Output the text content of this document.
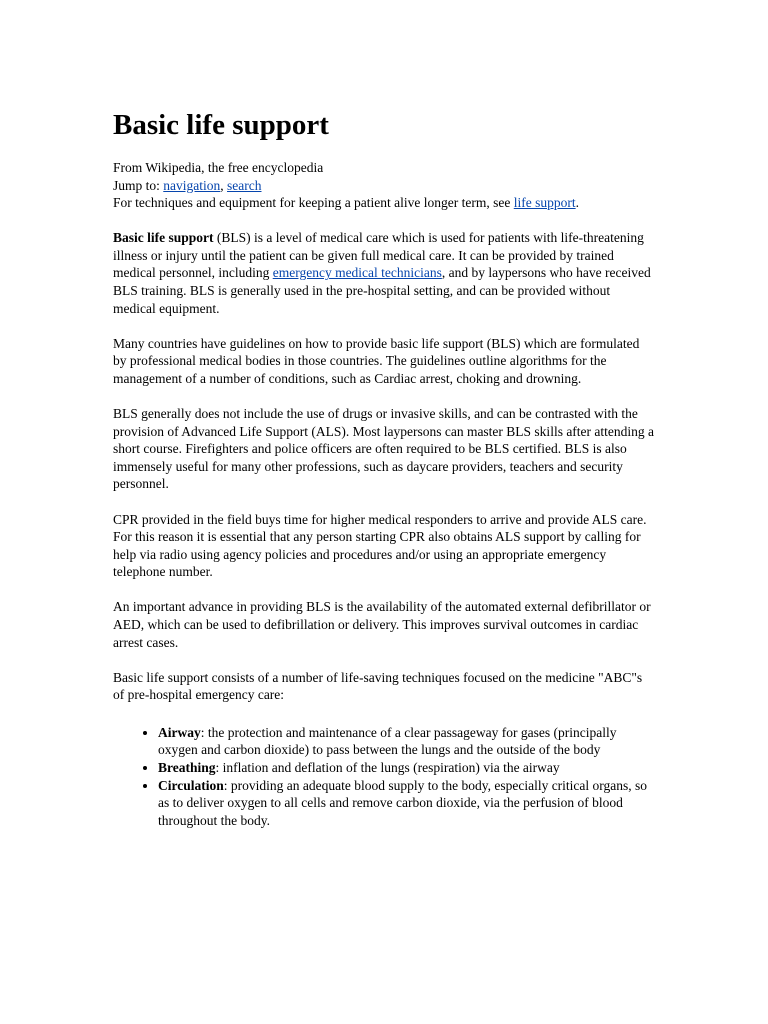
Basic life support
From Wikipedia, the free encyclopedia
Jump to: navigation, search
For techniques and equipment for keeping a patient alive longer term, see life support.

Basic life support (BLS) is a level of medical care which is used for patients with life-threatening illness or injury until the patient can be given full medical care. It can be provided by trained medical personnel, including emergency medical technicians, and by laypersons who have received BLS training. BLS is generally used in the pre-hospital setting, and can be provided without medical equipment.

Many countries have guidelines on how to provide basic life support (BLS) which are formulated by professional medical bodies in those countries. The guidelines outline algorithms for the management of a number of conditions, such as Cardiac arrest, choking and drowning.

BLS generally does not include the use of drugs or invasive skills, and can be contrasted with the provision of Advanced Life Support (ALS). Most laypersons can master BLS skills after attending a short course. Firefighters and police officers are often required to be BLS certified. BLS is also immensely useful for many other professions, such as daycare providers, teachers and security personnel.

CPR provided in the field buys time for higher medical responders to arrive and provide ALS care. For this reason it is essential that any person starting CPR also obtains ALS support by calling for help via radio using agency policies and procedures and/or using an appropriate emergency telephone number.

An important advance in providing BLS is the availability of the automated external defibrillator or AED, which can be used to defibrillation or delivery. This improves survival outcomes in cardiac arrest cases.

Basic life support consists of a number of life-saving techniques focused on the medicine "ABC"s of pre-hospital emergency care:

• Airway: the protection and maintenance of a clear passageway for gases (principally oxygen and carbon dioxide) to pass between the lungs and the outside of the body
• Breathing: inflation and deflation of the lungs (respiration) via the airway
• Circulation: providing an adequate blood supply to the body, especially critical organs, so as to deliver oxygen to all cells and remove carbon dioxide, via the perfusion of blood throughout the body.
